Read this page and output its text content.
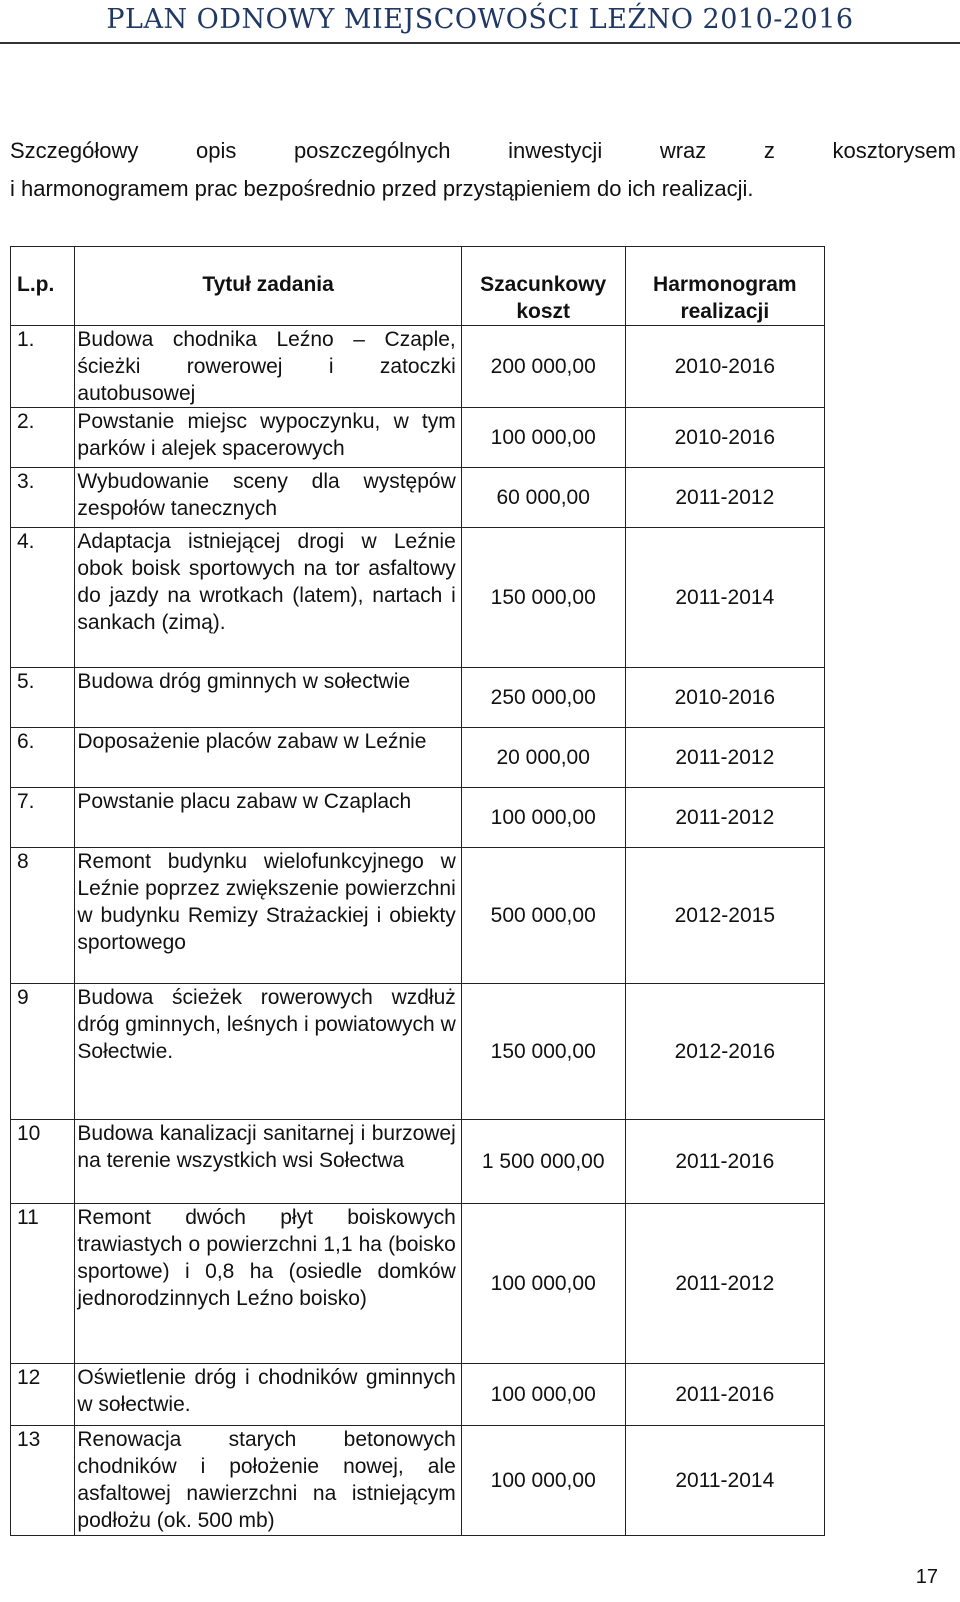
PLAN ODNOWY MIEJSCOWOŚCI LEŹNO 2010-2016
Szczegółowy	opis	poszczególnych	inwestycji	wraz	z	kosztorysem
i harmonogramem prac bezpośrednio przed przystąpieniem do ich realizacji.
L.p.	Tytuł zadania	Szacunkowy koszt	Harmonogram realizacji
1.	Budowa chodnika Leźno – Czaple, ścieżki rowerowej i zatoczki autobusowej	200 000,00	2010-2016
2.	Powstanie miejsc wypoczynku, w tym parków i alejek spacerowych	100 000,00	2010-2016
3.	Wybudowanie sceny dla występów zespołów tanecznych	60 000,00	2011-2012
4.	Adaptacja istniejącej drogi w Leźnie obok boisk sportowych na tor asfaltowy do jazdy na wrotkach (latem), nartach i sankach (zimą).	150 000,00	2011-2014
5.	Budowa dróg gminnych w sołectwie	250 000,00	2010-2016
6.	Doposażenie placów zabaw w Leźnie	20 000,00	2011-2012
7.	Powstanie placu zabaw w Czaplach	100 000,00	2011-2012
8	Remont budynku wielofunkcyjnego w Leźnie poprzez zwiększenie powierzchni w budynku Remizy Strażackiej i obiekty sportowego	500 000,00	2012-2015
9	Budowa ścieżek rowerowych wzdłuż dróg gminnych, leśnych i powiatowych w Sołectwie.	150 000,00	2012-2016
10	Budowa kanalizacji sanitarnej i burzowej na terenie wszystkich wsi Sołectwa	1 500 000,00	2011-2016
11	Remont dwóch płyt boiskowych trawiastych o powierzchni 1,1 ha (boisko sportowe) i 0,8 ha (osiedle domków jednorodzinnych Leźno boisko)	100 000,00	2011-2012
12	Oświetlenie dróg i chodników gminnych w sołectwie.	100 000,00	2011-2016
13	Renowacja starych betonowych chodników i położenie nowej, ale asfaltowej nawierzchni na istniejącym podłożu (ok. 500 mb)	100 000,00	2011-2014
17
